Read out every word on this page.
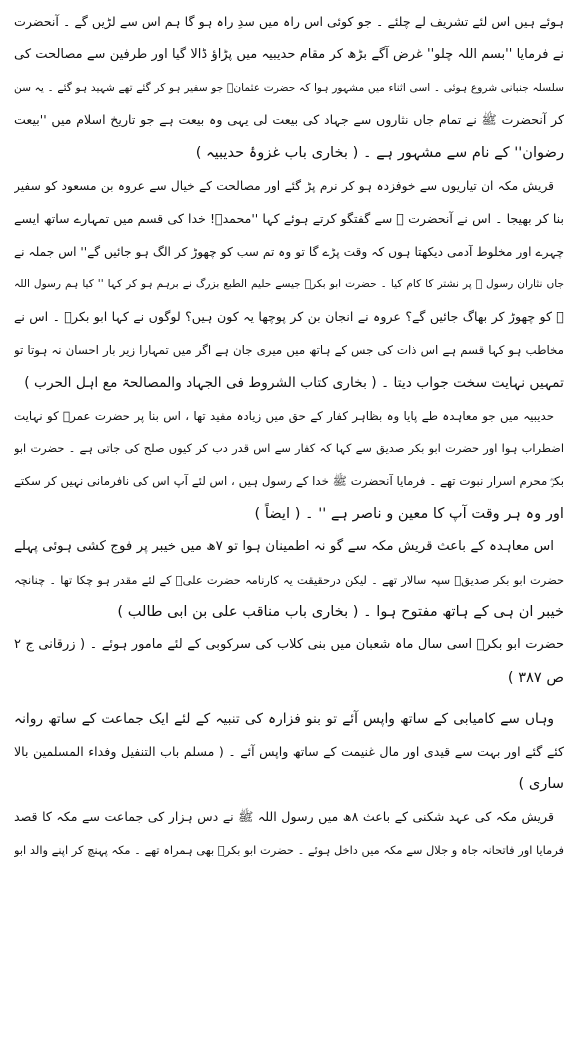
ہوئے ہیں اس لئے تشریف لے چلئے ۔ جو کوئی اس راہ میں سدِ راہ ہو گا ہم اس سے لڑیں گے ۔ آنحضرت
نے فرمایا ''بسم اللہ چلو'' غرض آگے بڑھ کر مقام حدیبیہ میں پڑاؤ ڈالا گیا اور طرفین سے مصالحت کی
سلسلہ جنبانی شروع ہوئی ۔ اسی اثناء میں مشہور ہوا کہ حضرت عثمانؓ جو سفیر ہو کر گئے تھے شہید ہو گئے ۔ یہ سن
کر آنحضرت ﷺ نے تمام جاں نثاروں سے جہاد کی بیعت لی یہی وہ بیعت ہے جو تاریخ اسلام میں ''بیعت
رضوان'' کے نام سے مشہور ہے ۔ ( بخاری باب غزوۂ حدیبیہ )
قریش مکہ ان تیاریوں سے خوفزدہ ہو کر نرم پڑ گئے اور مصالحت کے خیال سے عروہ بن مسعود کو سفیر
بنا کر بھیجا ۔ اس نے آنحضرت ﷺ سے گفتگو کرتے ہوئے کہا ''محمدؐ! خدا کی قسم میں تمہارے ساتھ ایسے
چہرے اور مخلوط آدمی دیکھتا ہوں کہ وقت پڑے گا تو وہ تم سب کو چھوڑ کر الگ ہو جائیں گے'' اس جملہ نے
جاں نثاران رسول ﷺ پر نشتر کا کام کیا ۔ حضرت ابو بکرؓ جیسے حلیم الطبع بزرگ نے برہم ہو کر کہا '' کیا ہم رسول اللہ
ﷺ کو چھوڑ کر بھاگ جائیں گے؟ عروہ نے انجان بن کر پوچھا یہ کون ہیں؟ لوگوں نے کہا ابو بکرؓ ۔ اس نے
مخاطب ہو کہا قسم ہے اس ذات کی جس کے ہاتھ میں میری جان ہے اگر میں تمہارا زیر بار احسان نہ ہوتا تو
تمہیں نہایت سخت جواب دیتا ۔ ( بخاری کتاب الشروط فی الجہاد والمصالحۃ مع اہل الحرب )
حدیبیہ میں جو معاہدہ طے پایا وہ بظاہر کفار کے حق میں زیادہ مفید تھا ، اس بنا پر حضرت عمرؓ کو نہایت
اضطراب ہوا اور حضرت ابو بکر صدیق سے کہا کہ کفار سے اس قدر دب کر کیوں صلح کی جاتی ہے ۔ حضرت ابو
بکرؓ محرم اسرار نبوت تھے ۔ فرمایا آنحضرت ﷺ خدا کے رسول ہیں ، اس لئے آپ اس کی نافرمانی نہیں کر سکتے
اور وہ ہر وقت آپ کا معین و ناصر ہے '' ۔ ( ایضاً )
اس معاہدہ کے باعث قریش مکہ سے گو نہ اطمینان ہوا تو ۷ھ میں خیبر پر فوج کشی ہوئی پہلے
حضرت ابو بکر صدیقؓ سپہ سالار تھے ۔ لیکن درحقیقت یہ کارنامہ حضرت علیؓ کے لئے مقدر ہو چکا تھا ۔ چنانچہ
خیبر ان ہی کے ہاتھ مفتوح ہوا ۔ ( بخاری باب مناقب علی بن ابی طالب )
حضرت ابو بکرؓ اسی سال ماہ شعبان میں بنی کلاب کی سرکوبی کے لئے مامور ہوئے ۔ ( زرقانی ج ۲
ص ۳۸۷ )
وہاں سے کامیابی کے ساتھ واپس آئے تو بنو فزارہ کی تنبیہ کے لئے ایک جماعت کے ساتھ روانہ
کئے گئے اور بہت سے قیدی اور مال غنیمت کے ساتھ واپس آئے ۔ ( مسلم باب التنفیل وفداء المسلمین بالا
ساری )
قریش مکہ کی عہد شکنی کے باعث ۸ھ میں رسول اللہ ﷺ نے دس ہزار کی جماعت سے مکہ کا قصد
فرمایا اور فاتحانہ جاہ و جلال سے مکہ میں داخل ہوئے ۔ حضرت ابو بکرؓ بھی ہمراہ تھے ۔ مکہ پہنچ کر اپنے والد ابو
